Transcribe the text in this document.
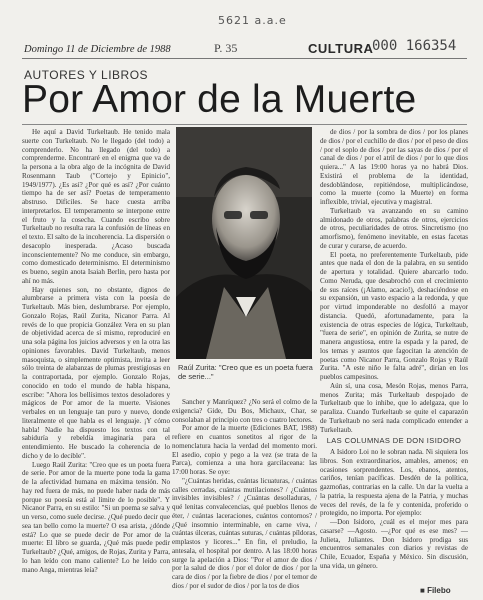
5621 a.a.e
Domingo 11 de Diciembre de 1988	P. 35	CULTURA
000 166354
AUTORES Y LIBROS
Por Amor de la Muerte

He aquí a David Turkeltaub. He tenido mala suerte con Turkeltaub. No le llegado (del todo) a comprenderlo. No ha llegado (del todo) a comprenderme. Encontraré en el enigma que va de la persona a la obra algo de la incógnita de David Rosenmann Taub ("Cortejo y Epinicio", 1949/1977). ¿Es así? ¿Por qué es así? ¿Por cuánto tiempo ha de ser así? Poetas de temperamento abstruso. Difíciles. Se hace cuesta arriba interpretarlos. El temperamento se interpone entre el fruto y la cosecha. Cuando escribo sobre Turkeltaub no resulta rara la confusión de líneas en el texto. El salto de la incoherencia. La dispersión o desacoplo inesperada. ¿Acaso buscada inconscientemente? No me conduce, sin embargo, como domesticado determinismo. El determinismo es bueno, según anota Isaiah Berlin, pero hasta por ahí no más.

Hay quienes son, no obstante, dignos de alumbrarse a primera vista con la poesía de Turkeltaub. Más bien, deslumbrarse. Por ejemplo, Gonzalo Rojas, Raúl Zurita, Nicanor Parra. Al revés de lo que propicia González Vera en su plan de objetividad acerca de sí mismo, reproduciré en una sola página los juicios adversos y en la otra las opiniones favorables. David Turkeltaub, menos masoquista, o simplemente optimista, invita a leer sólo treinta de alabanzas de plumas prestigiosas en la contraportada, por ejemplo. Gonzalo Rojas, conocido en todo el mundo de habla hispana, escribe: "Ahora los bellísimos textos desoladores y mágicos de Por amor de la muerte. Visiones verbales en un lenguaje tan puro y nuevo, donde literalmente el que habla es el lenguaje. ¡Y cómo habla! Nadie ha dispuesto los textos con tal sabiduría y rebeldía imaginaria para el entendimiento. He buscado la coherencia de lo dicho y de lo decible".

Luego Raúl Zurita: "Creo que es un poeta fuera de serie. Por amor de la muerte pone toda la gama de la afectividad humana en máxima tensión. No hay red fuera de más, no puede haber nada de más porque su poesía está al límite de lo posible". Y Nicanor Parra, en su estilo: "Si un poema se salva y un verso, como suele decirse. ¿Qué puedo decir que sea tan bello como la muerte? O esa arista, ¿dónde está? Lo que se puede decir de Por amor de la muerte: El libro se guarda, ¿Qué más puede pedir Turkeltaub? ¿Qué, amigos, de Rojas, Zurita y Parra, lo han leído con mano caliente? Lo he leído con mano Anga, mientras leía?

Raúl Zurita: "Creo que es un poeta fuera de serie..."

Sancher y Manríquez? ¿No será el colmo de la exigencia? Gide, Du Bos, Michaux, Char, se consolaban al principio con tres o cuatro lectores.

Por amor de la muerte (Ediciones BAT, 1988) refiere en cuantos sonetitos al rigor de la nomenclatura hacia la verdad del momento mori. El asedio, copio y pego a la vez (se trata de la Parca), comienza a una hora garcilaceana: las 17:00 horas. Se oye:

"¿Cuántas heridas, cuántas licuaturas, / cuántas calles cerradas, cuántas mutilaciones? / ¿Cuántos invisibles invisibles? / ¿Cuántas desolladuras, / qué lenitas convalecencias, qué pueblos llenos de éter, / cuántas laceraciones, cuántos contornos? / ¿Qué insomnio interminable, en carne viva, / cuántas úlceras, cuántas suturas, / cuántas píldoras, emplastos y licores..." En fin, el preludio, la antesala, el hospital por dentro. A las 18:00 horas surge la apelación a Dios: "Por el amor de dios / por la salud de dios / por el dolor de dios / por la cara de dios / por la fiebre de dios / por el temor de dios / por el sudor de dios / por la tos de dios

de dios / por la sombra de dios / por los planes de dios / por el cuchillo de dios / por el peso de dios / por el soplo de dios / por las sayas de dios / por el canal de dios / por el atril de dios / por lo que dios quiera..." A las 19:00 horas ya no habrá Dios. Existirá el problema de la identidad, desdoblándose, repitiéndose, multiplicándose, como la muerte (como la Muerte) en forma inflexible, trivial, ejecutiva y magistral.

Turkeltaub va avanzando en su camino almidonado de otros, palabras de otros, ejercicios de otros, peculiaridades de otros. Sincretismo (no amorfismo), fenómeno inevitable, en estas facetas de curar y curarse, de acuerdo.

El poeta, no preferentemente Turkeltaub, pide antes que nada el don de la palabra, en su sentido de apertura y totalidad. Quiere abarcarlo todo. Como Neruda, que desabrochó con el crecimiento de sus raíces (¡Alamo, acacio!), deshaciéndose en su expansión, un vasto espacio a la redonda, y que por virtud imponderable no desfolló a mayor distancia. Quedó, afortunadamente, para la existencia de otras especies de lógica, Turkeltaub, "fuera de serie", en opinión de Zurita, se nutre de manera angustiosa, entre la espada y la pared, de los temas y asuntos que fagocitan la atención de poetas como Nicanor Parra, Gonzalo Rojas y Raúl Zurita. "A este niño le falta adré", dirían en los pueblos campesinos.

Aún sí, una cosa, Mesón Rojas, menos Parra, menos Zurita; más Turkeltaub despojado de Turkeltaub que lo inhibe, que lo adelgaza, que lo paraliza. Cuando Turkeltaub se quite el caparazón de Turkeltaub no será nada complicado entender a Turkeltaub.

LAS COLUMNAS DE DON ISIDORO

A Isidoro Loi no le sobran nada. Ni siquiera los libros. Son extraordinarios, amables, amenos; en ocasiones sorprendentes. Los, ebanos, atentos, cariños, tenían pacíficas. Desdén de la política, gazmoñas, contrarias en la calle. Un dar la vuelta a la patria, la respuesta ajena de la Patria, y muchas veces del revés, de la fe y contenida, proferido o protegido, no importa. Por ejemplo:

—Don Isidoro, ¿cuál es el mejor mes para casarse? —Agosto. —¿Por qué es ese mes? —Julieta, Juliantes. Don Isidoro prodiga sus encuentros semanales con diarios y revistas de Chile, Ecuador, España y México. Sin discusión, una vida, un género.

■ Filebo
